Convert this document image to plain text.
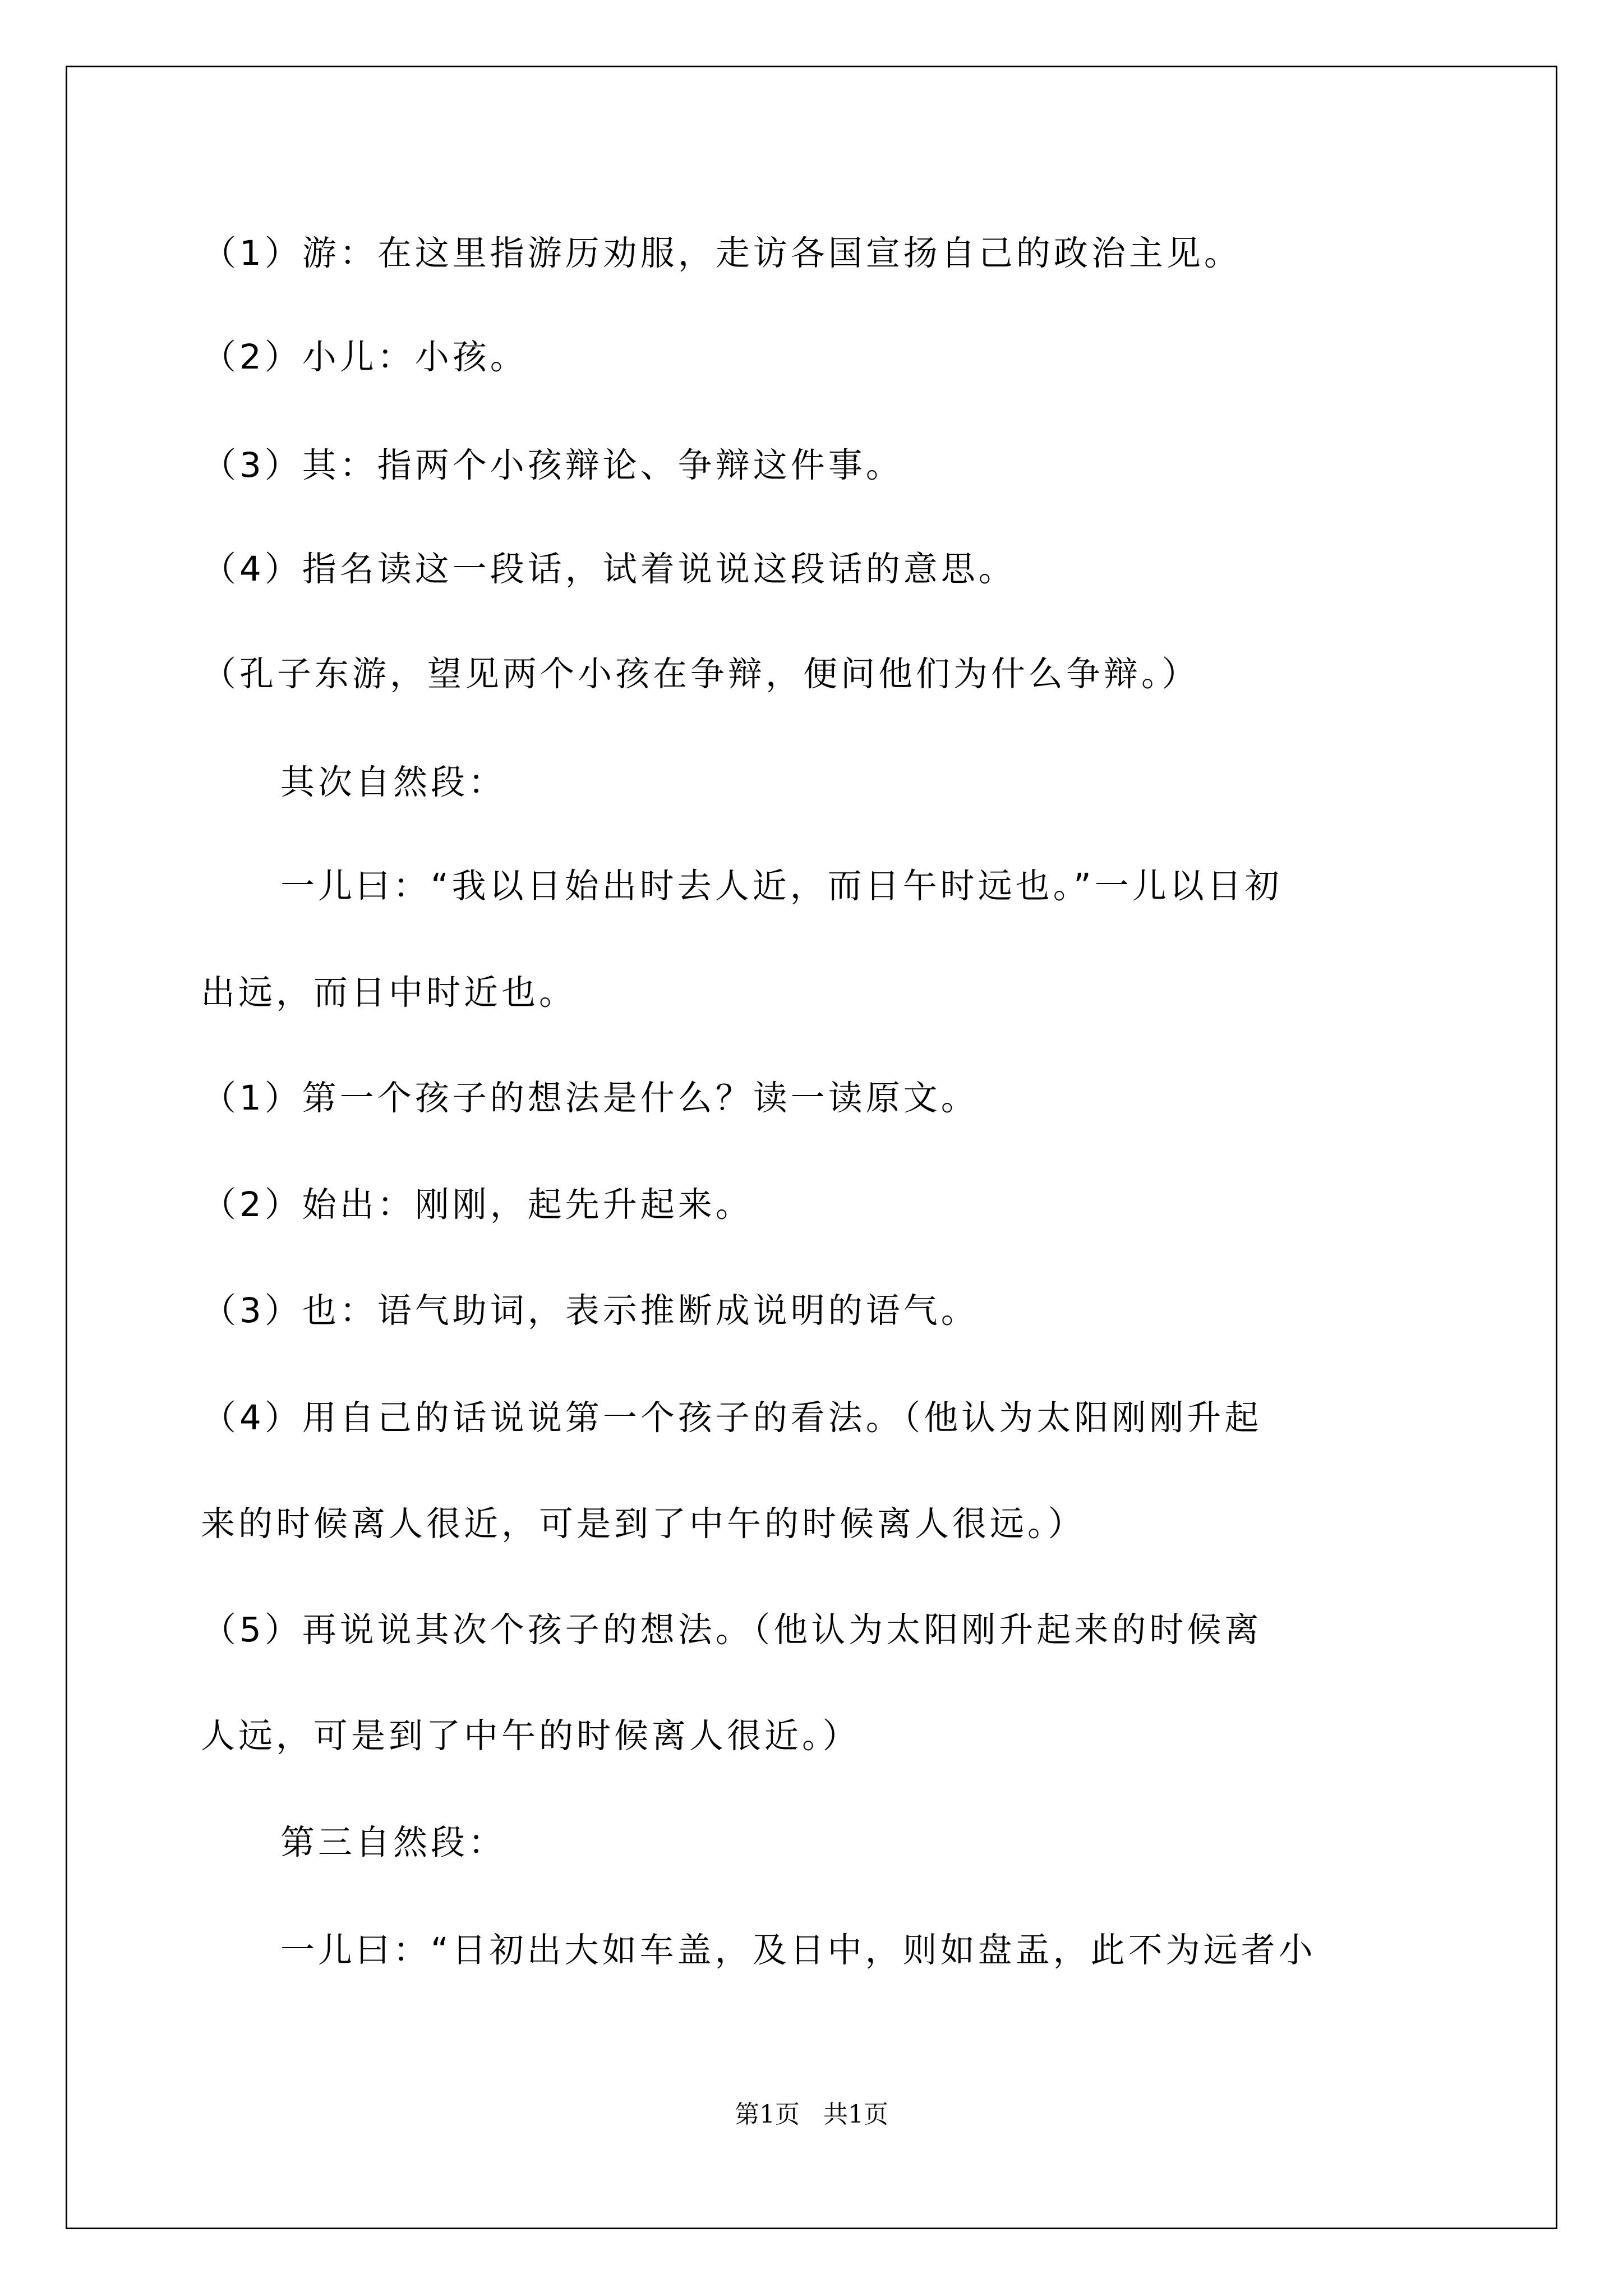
（1）游：在这里指游历劝服，走访各国宣扬自己的政治主见。
（2）小儿：小孩。
（3）其：指两个小孩辩论、争辩这件事。
（4）指名读这一段话，试着说说这段话的意思。
（孔子东游，望见两个小孩在争辩，便问他们为什么争辩。）
其次自然段：
一儿曰：“我以日始出时去人近，而日午时远也。”一儿以日初
出远，而日中时近也。
（1）第一个孩子的想法是什么？读一读原文。
（2）始出：刚刚，起先升起来。
（3）也：语气助词，表示推断成说明的语气。
（4）用自己的话说说第一个孩子的看法。（他认为太阳刚刚升起
来的时候离人很近，可是到了中午的时候离人很远。）
（5）再说说其次个孩子的想法。（他认为太阳刚升起来的时候离
人远，可是到了中午的时候离人很近。）
第三自然段：
一儿曰：“日初出大如车盖，及日中，则如盘盂，此不为远者小
第1页   共1页
